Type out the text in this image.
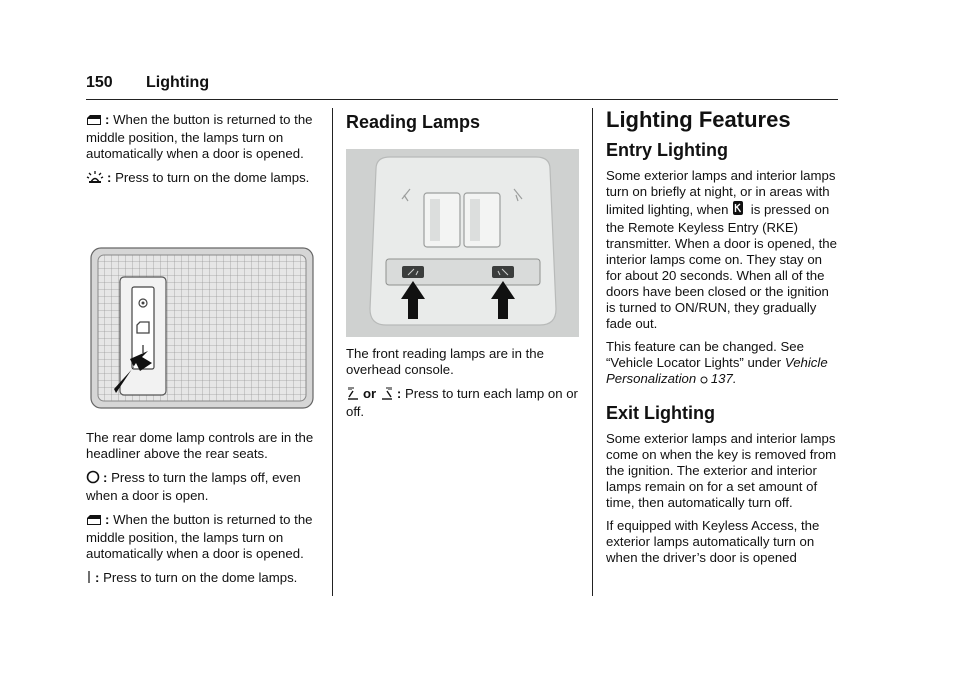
150 Lighting

: When the button is returned to the middle position, the lamps turn on automatically when a door is opened.

: Press to turn on the dome lamps.

The rear dome lamp controls are in the headliner above the rear seats.

: Press to turn the lamps off, even when a door is open.

: When the button is returned to the middle position, the lamps turn on automatically when a door is opened.

: Press to turn on the dome lamps.

Reading Lamps

The front reading lamps are in the overhead console.

or : Press to turn each lamp on or off.

Lighting Features
Entry Lighting

Some exterior lamps and interior lamps turn on briefly at night, or in areas with limited lighting, when is pressed on the Remote Keyless Entry (RKE) transmitter. When a door is opened, the interior lamps come on. They stay on for about 20 seconds. When all of the doors have been closed or the ignition is turned to ON/RUN, they gradually fade out.

This feature can be changed. See “Vehicle Locator Lights” under Vehicle Personalization 137.

Exit Lighting

Some exterior lamps and interior lamps come on when the key is removed from the ignition. The exterior and interior lamps remain on for a set amount of time, then automatically turn off.

If equipped with Keyless Access, the exterior lamps automatically turn on when the driver’s door is opened
